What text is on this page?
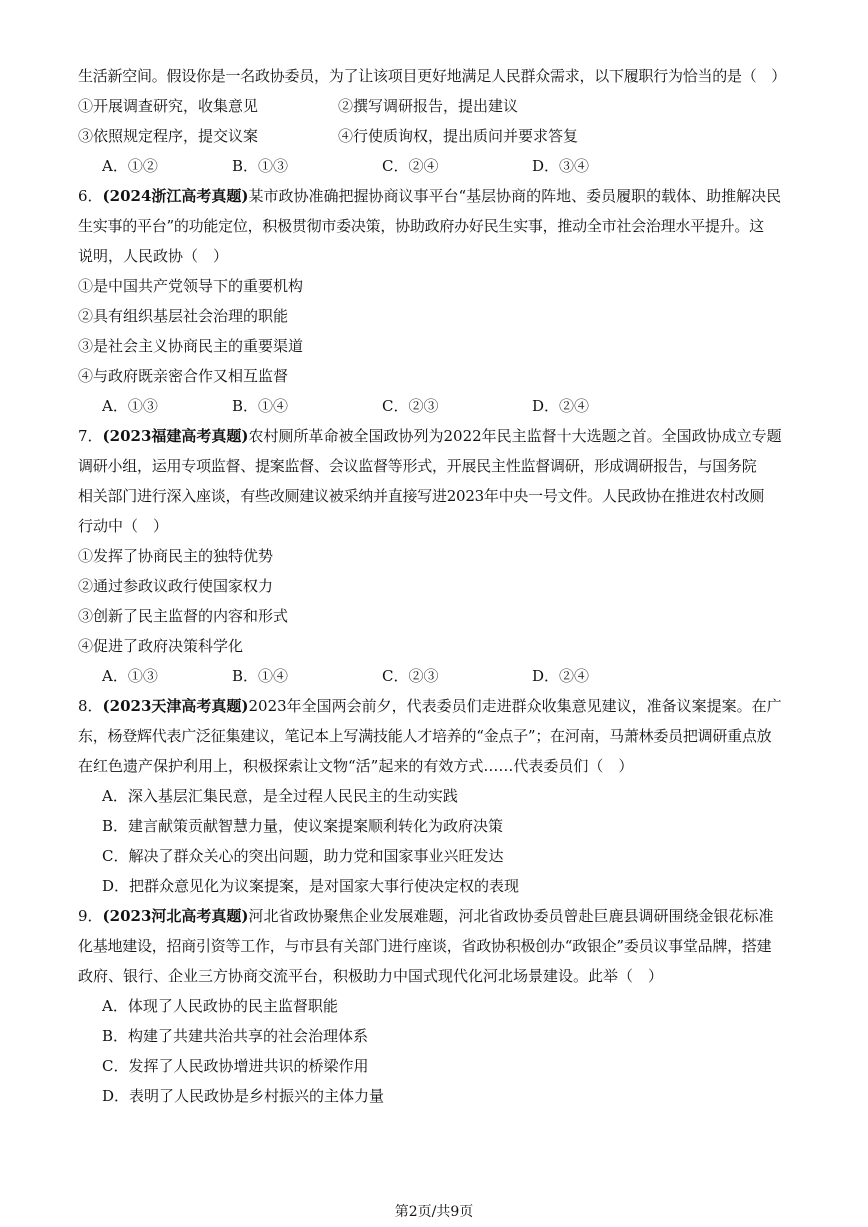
生活新空间。假设你是一名政协委员，为了让该项目更好地满足人民群众需求，以下履职行为恰当的是（　）
①开展调查研究，收集意见	②撰写调研报告，提出建议
③依照规定程序，提交议案	④行使质询权，提出质问并要求答复
A．①②	B．①③	C．②④	D．③④
6．(2024浙江高考真题)某市政协准确把握协商议事平台“基层协商的阵地、委员履职的载体、助推解决民
生实事的平台”的功能定位，积极贯彻市委决策，协助政府办好民生实事，推动全市社会治理水平提升。这
说明，人民政协（　）
①是中国共产党领导下的重要机构
②具有组织基层社会治理的职能
③是社会主义协商民主的重要渠道
④与政府既亲密合作又相互监督
A．①③	B．①④	C．②③	D．②④
7．(2023福建高考真题)农村厕所革命被全国政协列为2022年民主监督十大选题之首。全国政协成立专题
调研小组，运用专项监督、提案监督、会议监督等形式，开展民主性监督调研，形成调研报告，与国务院
相关部门进行深入座谈，有些改厕建议被采纳并直接写进2023年中央一号文件。人民政协在推进农村改厕
行动中（　）
①发挥了协商民主的独特优势
②通过参政议政行使国家权力
③创新了民主监督的内容和形式
④促进了政府决策科学化
A．①③	B．①④	C．②③	D．②④
8．(2023天津高考真题)2023年全国两会前夕，代表委员们走进群众收集意见建议，准备议案提案。在广
东，杨登辉代表广泛征集建议，笔记本上写满技能人才培养的“金点子”；在河南，马萧林委员把调研重点放
在红色遗产保护利用上，积极探索让文物“活”起来的有效方式……代表委员们（　）
A．深入基层汇集民意，是全过程人民民主的生动实践
B．建言献策贡献智慧力量，使议案提案顺利转化为政府决策
C．解决了群众关心的突出问题，助力党和国家事业兴旺发达
D．把群众意见化为议案提案，是对国家大事行使决定权的表现
9．(2023河北高考真题)河北省政协聚焦企业发展难题，河北省政协委员曾赴巨鹿县调研围绕金银花标准
化基地建设，招商引资等工作，与市县有关部门进行座谈，省政协积极创办“政银企”委员议事堂品牌，搭建
政府、银行、企业三方协商交流平台，积极助力中国式现代化河北场景建设。此举（　）
A．体现了人民政协的民主监督职能
B．构建了共建共治共享的社会治理体系
C．发挥了人民政协增进共识的桥梁作用
D．表明了人民政协是乡村振兴的主体力量
第2页/共9页
